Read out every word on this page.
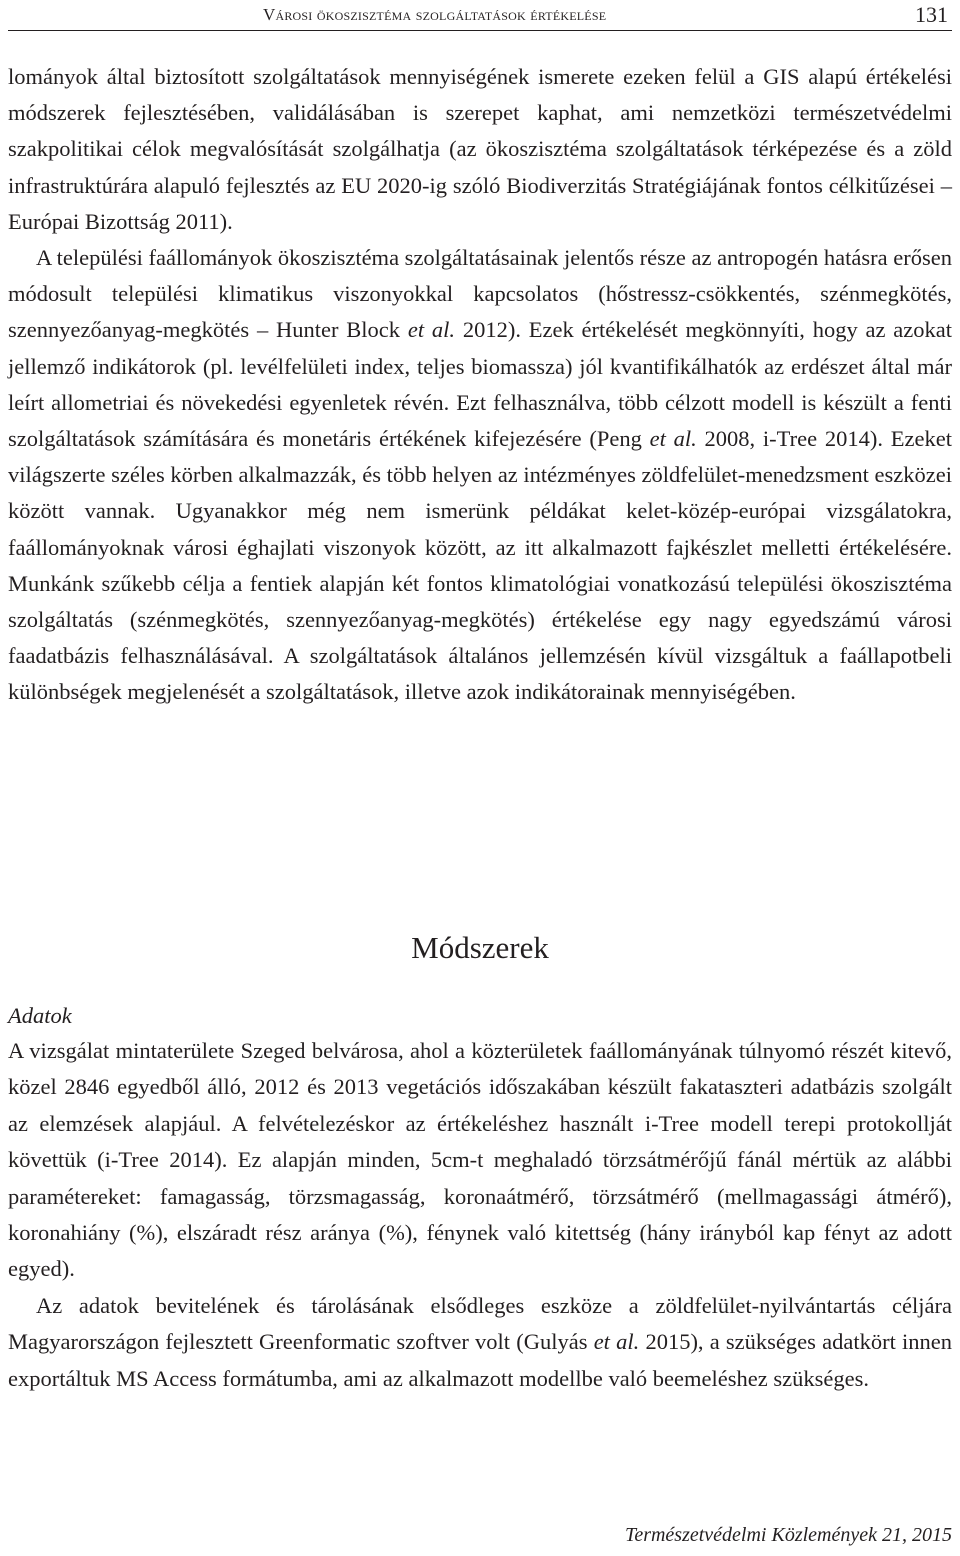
Városi ökoszisztéma szolgáltatások értékelése	131

lományok által biztosított szolgáltatások mennyiségének ismerete ezeken felül a GIS alapú értékelési módszerek fejlesztésében, validálásában is szerepet kaphat, ami nemzetközi természetvédelmi szakpolitikai célok megvalósítását szolgálhatja (az ökoszisztéma szolgáltatások térképezése és a zöld infrastruktúrára alapuló fejlesztés az EU 2020-ig szóló Biodiverzitás Stratégiájának fontos célkitűzései – Európai Bizottság 2011).

A települési faállományok ökoszisztéma szolgáltatásainak jelentős része az antropogén hatásra erősen módosult települési klimatikus viszonyokkal kapcsolatos (hőstressz-csökkentés, szénmegkötés, szennyezőanyag-megkötés – Hunter Block et al. 2012). Ezek értékelését megkönnyíti, hogy az azokat jellemző indikátorok (pl. levélfelületi index, teljes biomassza) jól kvantifikálhatók az erdészet által már leírt allometriai és növekedési egyenletek révén. Ezt felhasználva, több célzott modell is készült a fenti szolgáltatások számítására és monetáris értékének kifejezésére (Peng et al. 2008, i-Tree 2014). Ezeket világszerte széles körben alkalmazzák, és több helyen az intézményes zöldfelület-menedzsment eszközei között vannak. Ugyanakkor még nem ismerünk példákat kelet-közép-európai vizsgálatokra, faállományoknak városi éghajlati viszonyok között, az itt alkalmazott fajkészlet melletti értékelésére. Munkánk szűkebb célja a fentiek alapján két fontos klimatológiai vonatkozású települési ökoszisztéma szolgáltatás (szénmegkötés, szennyezőanyag-megkötés) értékelése egy nagy egyedszámú városi faadatbázis felhasználásával. A szolgáltatások általános jellemzésén kívül vizsgáltuk a faállapotbeli különbségek megjelenését a szolgáltatások, illetve azok indikátorainak mennyiségében.

Módszerek
Adatok

A vizsgálat mintaterülete Szeged belvárosa, ahol a közterületek faállományának túlnyomó részét kitevő, közel 2846 egyedből álló, 2012 és 2013 vegetációs időszakában készült fakataszteri adatbázis szolgált az elemzések alapjául. A felvételezéskor az értékeléshez használt i-Tree modell terepi protokollját követtük (i-Tree 2014). Ez alapján minden, 5cm-t meghaladó törzsátmérőjű fánál mértük az alábbi paramétereket: famagasság, törzsmagasság, koronaátmérő, törzsátmérő (mellmagassági átmérő), koronahiány (%), elszáradt rész aránya (%), fénynek való kitettség (hány irányból kap fényt az adott egyed).

Az adatok bevitelének és tárolásának elsődleges eszköze a zöldfelület-nyilvántartás céljára Magyarországon fejlesztett Greenformatic szoftver volt (Gulyás et al. 2015), a szükséges adatkört innen exportáltuk MS Access formátumba, ami az alkalmazott modellbe való beemeléshez szükséges.

Természetvédelmi Közlemények 21, 2015
